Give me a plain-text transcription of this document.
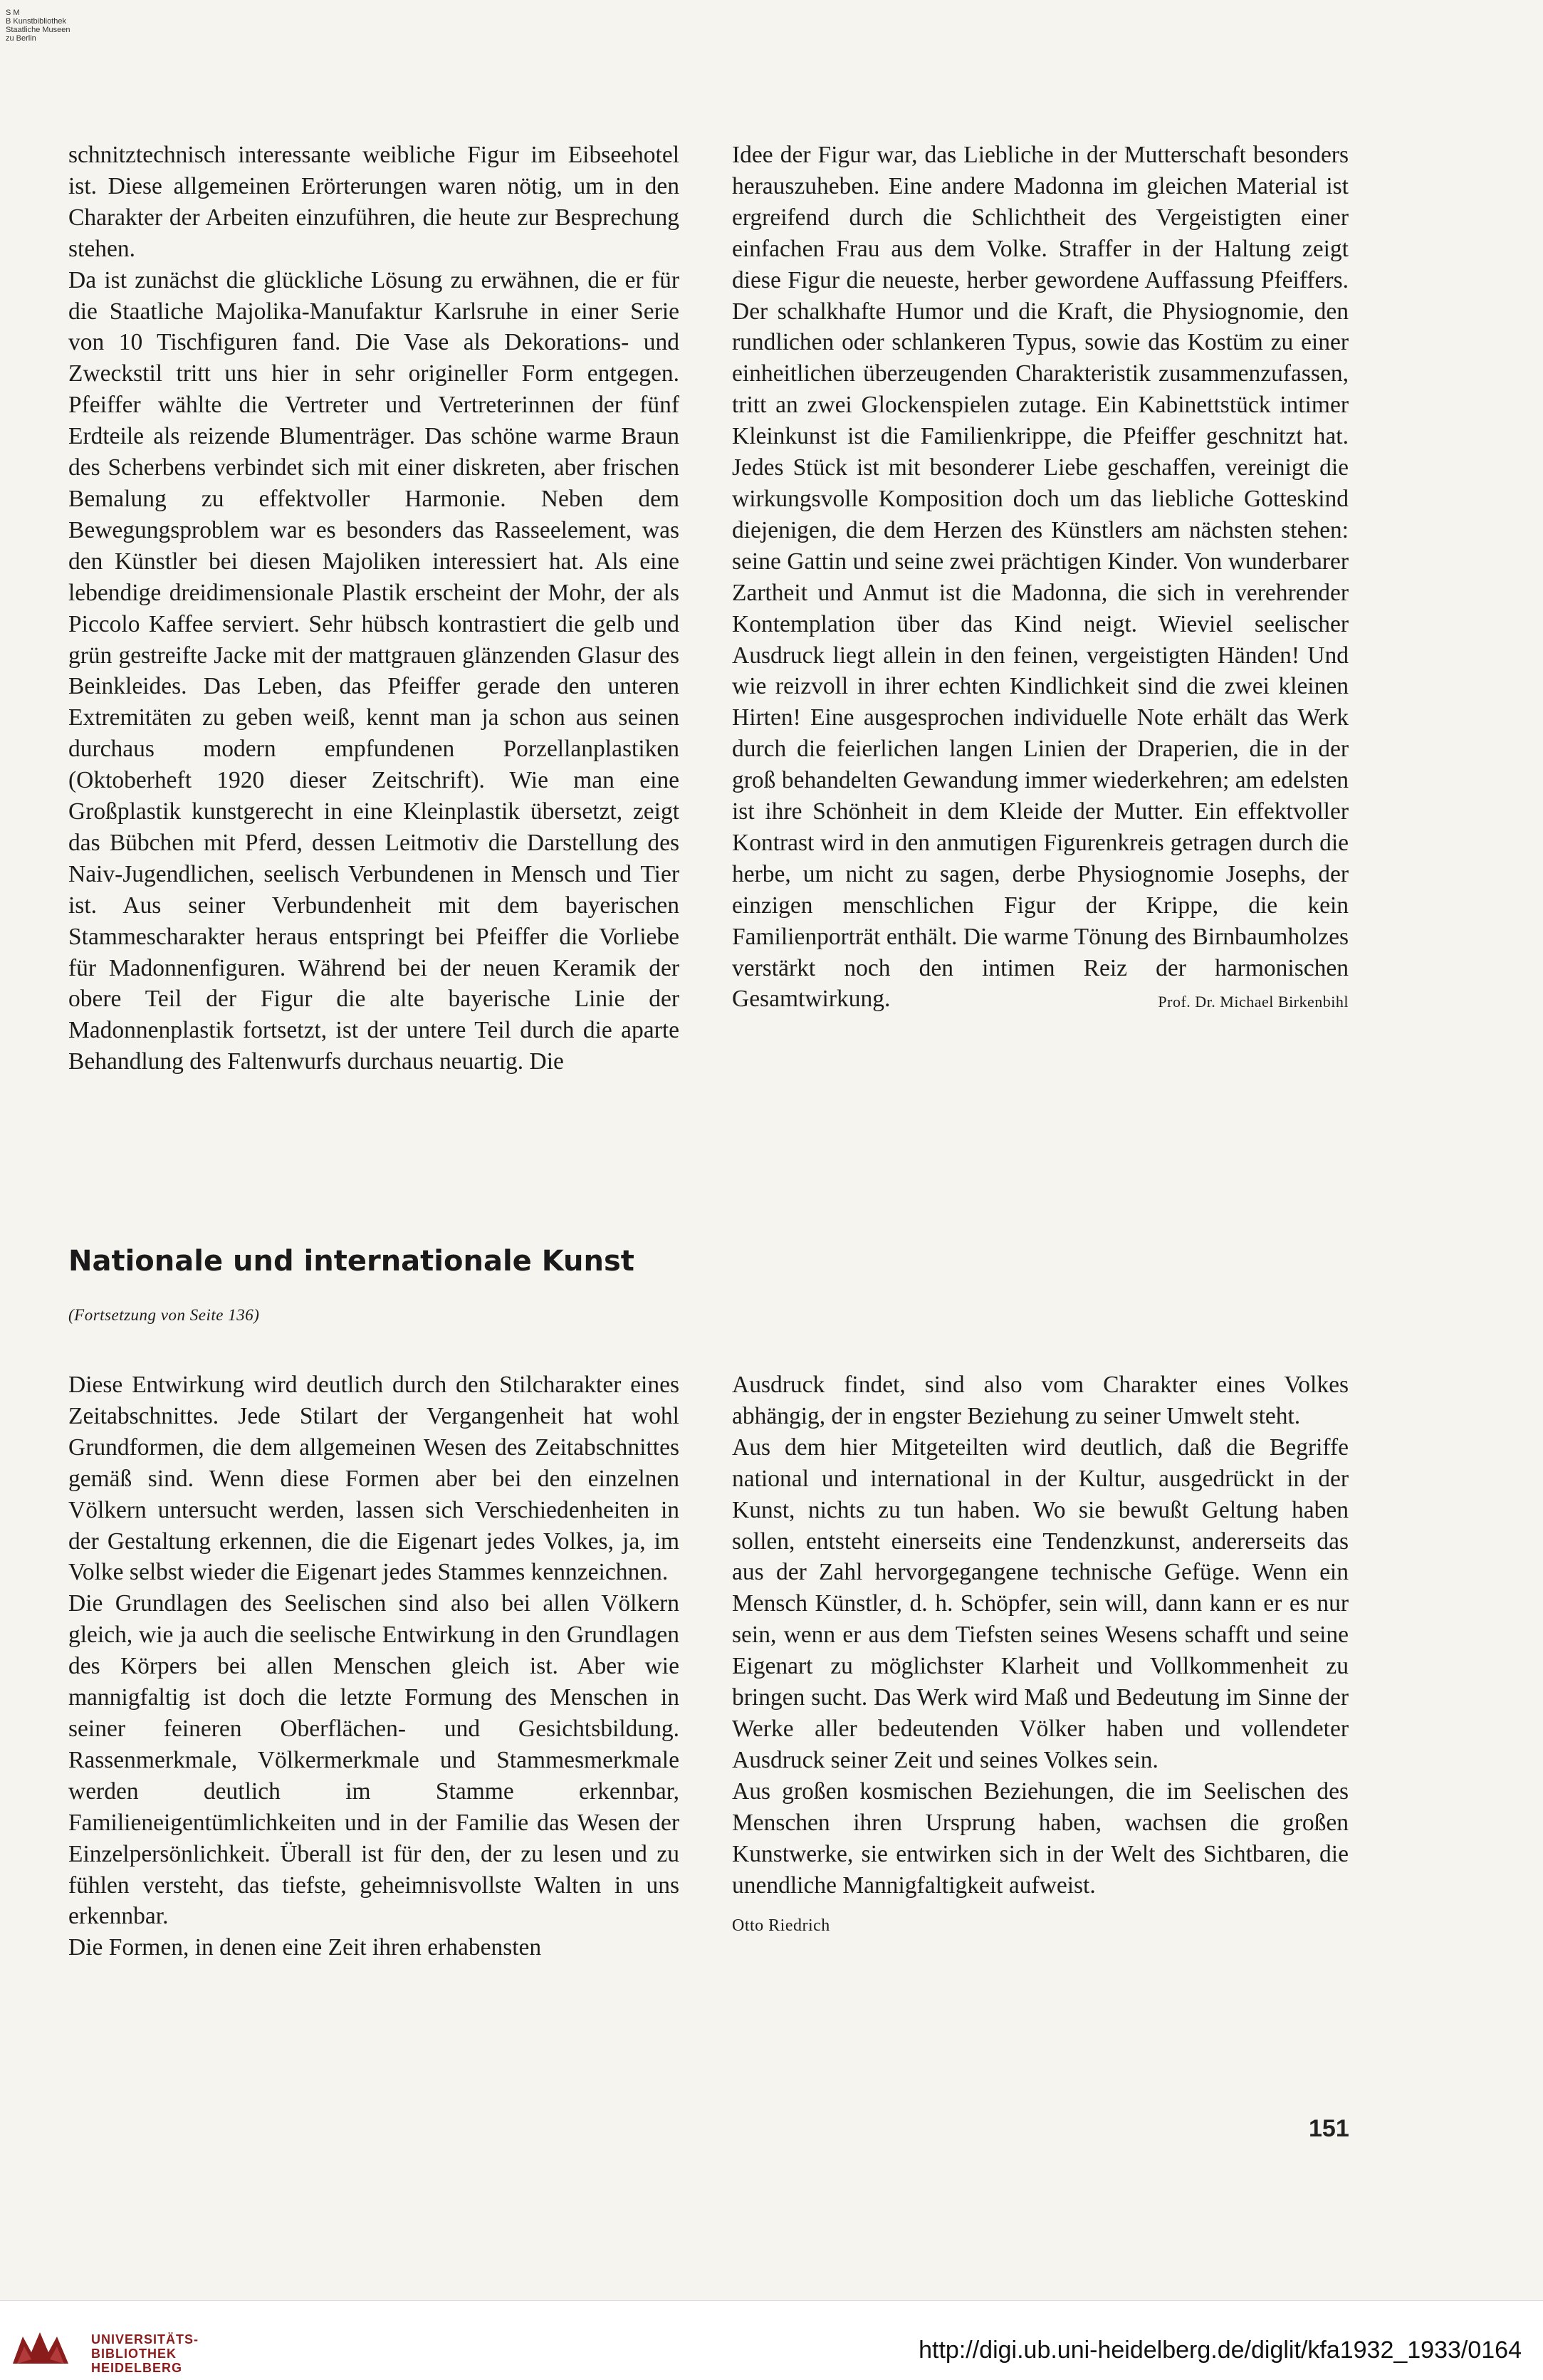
S M
B Kunstbibliothek
Staatliche Museen
zu Berlin

schnitztechnisch interessante weibliche Figur im Eibseehotel ist. Diese allgemeinen Erörterungen waren nötig, um in den Charakter der Arbeiten einzuführen, die heute zur Besprechung stehen.

Da ist zunächst die glückliche Lösung zu erwähnen, die er für die Staatliche Majolika-Manufaktur Karlsruhe in einer Serie von 10 Tischfiguren fand. Die Vase als Dekorations- und Zweckstil tritt uns hier in sehr origineller Form entgegen. Pfeiffer wählte die Vertreter und Vertreterinnen der fünf Erdteile als reizende Blumenträger. Das schöne warme Braun des Scherbens verbindet sich mit einer diskreten, aber frischen Bemalung zu effektvoller Harmonie. Neben dem Bewegungsproblem war es besonders das Rasseelement, was den Künstler bei diesen Majoliken interessiert hat. Als eine lebendige dreidimensionale Plastik erscheint der Mohr, der als Piccolo Kaffee serviert. Sehr hübsch kontrastiert die gelb und grün gestreifte Jacke mit der mattgrauen glänzenden Glasur des Beinkleides. Das Leben, das Pfeiffer gerade den unteren Extremitäten zu geben weiß, kennt man ja schon aus seinen durchaus modern empfundenen Porzellanplastiken (Oktoberheft 1920 dieser Zeitschrift). Wie man eine Großplastik kunstgerecht in eine Kleinplastik übersetzt, zeigt das Bübchen mit Pferd, dessen Leitmotiv die Darstellung des Naiv-Jugendlichen, seelisch Verbundenen in Mensch und Tier ist. Aus seiner Verbundenheit mit dem bayerischen Stammescharakter heraus entspringt bei Pfeiffer die Vorliebe für Madonnenfiguren. Während bei der neuen Keramik der obere Teil der Figur die alte bayerische Linie der Madonnenplastik fortsetzt, ist der untere Teil durch die aparte Behandlung des Faltenwurfs durchaus neuartig. Die

Idee der Figur war, das Liebliche in der Mutterschaft besonders herauszuheben. Eine andere Madonna im gleichen Material ist ergreifend durch die Schlichtheit des Vergeistigten einer einfachen Frau aus dem Volke. Straffer in der Haltung zeigt diese Figur die neueste, herber gewordene Auffassung Pfeiffers. Der schalkhafte Humor und die Kraft, die Physiognomie, den rundlichen oder schlankeren Typus, sowie das Kostüm zu einer einheitlichen überzeugenden Charakteristik zusammenzufassen, tritt an zwei Glockenspielen zutage. Ein Kabinettstück intimer Kleinkunst ist die Familienkrippe, die Pfeiffer geschnitzt hat. Jedes Stück ist mit besonderer Liebe geschaffen, vereinigt die wirkungsvolle Komposition doch um das liebliche Gotteskind diejenigen, die dem Herzen des Künstlers am nächsten stehen: seine Gattin und seine zwei prächtigen Kinder. Von wunderbarer Zartheit und Anmut ist die Madonna, die sich in verehrender Kontemplation über das Kind neigt. Wieviel seelischer Ausdruck liegt allein in den feinen, vergeistigten Händen! Und wie reizvoll in ihrer echten Kindlichkeit sind die zwei kleinen Hirten! Eine ausgesprochen individuelle Note erhält das Werk durch die feierlichen langen Linien der Draperien, die in der groß behandelten Gewandung immer wiederkehren; am edelsten ist ihre Schönheit in dem Kleide der Mutter. Ein effektvoller Kontrast wird in den anmutigen Figurenkreis getragen durch die herbe, um nicht zu sagen, derbe Physiognomie Josephs, der einzigen menschlichen Figur der Krippe, die kein Familienporträt enthält. Die warme Tönung des Birnbaumholzes verstärkt noch den intimen Reiz der harmonischen Gesamtwirkung.	Prof. Dr. Michael Birkenbihl

Nationale und internationale Kunst
(Fortsetzung von Seite 136)

Diese Entwirkung wird deutlich durch den Stilcharakter eines Zeitabschnittes. Jede Stilart der Vergangenheit hat wohl Grundformen, die dem allgemeinen Wesen des Zeitabschnittes gemäß sind. Wenn diese Formen aber bei den einzelnen Völkern untersucht werden, lassen sich Verschiedenheiten in der Gestaltung erkennen, die die Eigenart jedes Volkes, ja, im Volke selbst wieder die Eigenart jedes Stammes kennzeichnen.

Die Grundlagen des Seelischen sind also bei allen Völkern gleich, wie ja auch die seelische Entwirkung in den Grundlagen des Körpers bei allen Menschen gleich ist. Aber wie mannigfaltig ist doch die letzte Formung des Menschen in seiner feineren Oberflächen- und Gesichtsbildung. Rassenmerkmale, Völkermerkmale und Stammesmerkmale werden deutlich im Stamme erkennbar, Familieneigentümlichkeiten und in der Familie das Wesen der Einzelpersönlichkeit. Überall ist für den, der zu lesen und zu fühlen versteht, das tiefste, geheimnisvollste Walten in uns erkennbar.

Die Formen, in denen eine Zeit ihren erhabensten

Ausdruck findet, sind also vom Charakter eines Volkes abhängig, der in engster Beziehung zu seiner Umwelt steht.

Aus dem hier Mitgeteilten wird deutlich, daß die Begriffe national und international in der Kultur, ausgedrückt in der Kunst, nichts zu tun haben. Wo sie bewußt Geltung haben sollen, entsteht einerseits eine Tendenzkunst, andererseits das aus der Zahl hervorgegangene technische Gefüge. Wenn ein Mensch Künstler, d. h. Schöpfer, sein will, dann kann er es nur sein, wenn er aus dem Tiefsten seines Wesens schafft und seine Eigenart zu möglichster Klarheit und Vollkommenheit zu bringen sucht. Das Werk wird Maß und Bedeutung im Sinne der Werke aller bedeutenden Völker haben und vollendeter Ausdruck seiner Zeit und seines Volkes sein.

Aus großen kosmischen Beziehungen, die im Seelischen des Menschen ihren Ursprung haben, wachsen die großen Kunstwerke, sie entwirken sich in der Welt des Sichtbaren, die unendliche Mannigfaltigkeit aufweist.

Otto Riedrich
151
UNIVERSITÄTS-
BIBLIOTHEK
HEIDELBERG
http://digi.ub.uni-heidelberg.de/diglit/kfa1932_1933/0164
